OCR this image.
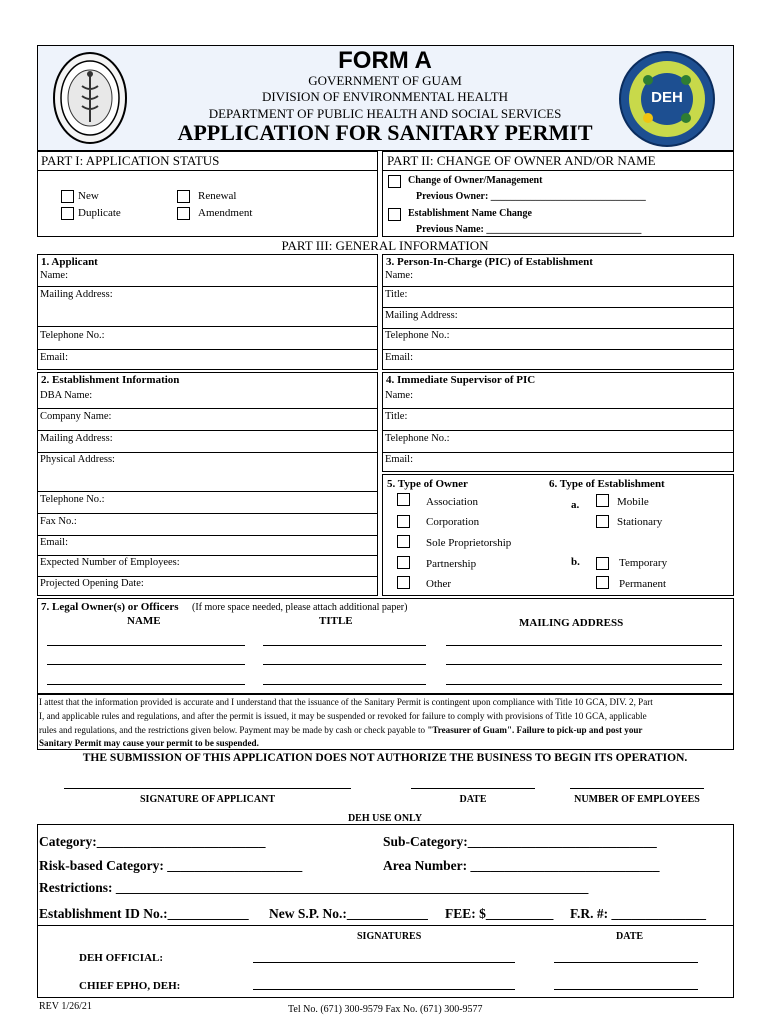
DEH
FORM A
GOVERNMENT OF GUAM
DIVISION OF ENVIRONMENTAL HEALTH
DEPARTMENT OF PUBLIC HEALTH AND SOCIAL SERVICES
APPLICATION FOR SANITARY PERMIT
PART I: APPLICATION STATUS
New
Duplicate
Renewal
Amendment
PART II: CHANGE OF OWNER AND/OR NAME
Change of Owner/Management
Previous Owner: _______________________________
Establishment Name Change
Previous Name: _______________________________
PART III: GENERAL INFORMATION
1. Applicant
Name:
Mailing Address:
Telephone No.:
Email:
3. Person-In-Charge (PIC) of Establishment
Name:
Title:
Mailing Address:
Telephone No.:
Email:
2. Establishment Information
DBA Name:
Company Name:
Mailing Address:
Physical Address:
Telephone No.:
Fax No.:
Email:
Expected Number of Employees:
Projected Opening Date:
4. Immediate Supervisor of PIC
Name:
Title:
Telephone No.:
Email:
5. Type of Owner
Association
Corporation
Sole Proprietorship
Partnership
Other
6. Type of Establishment
a.	Mobile
Stationary
b.	Temporary
Permanent
7. Legal Owner(s) or Officers (If more space needed, please attach additional paper)
NAME	TITLE	MAILING ADDRESS
I attest that the information provided is accurate and I understand that the issuance of the Sanitary Permit is contingent upon compliance with Title 10 GCA, DIV. 2, Part
I, and applicable rules and regulations, and after the permit is issued, it may be suspended or revoked for failure to comply with provisions of Title 10 GCA, applicable
rules and regulations, and the restrictions given below. Payment may be made by cash or check payable to "Treasurer of Guam". Failure to pick-up and post your
Sanitary Permit may cause your permit to be suspended.
THE SUBMISSION OF THIS APPLICATION DOES NOT AUTHORIZE THE BUSINESS TO BEGIN ITS OPERATION.
SIGNATURE OF APPLICANT	DATE	NUMBER OF EMPLOYEES
DEH USE ONLY
Category:_________________________	Sub-Category:____________________________
Risk-based Category: ____________________	Area Number: ____________________________
Restrictions: ______________________________________________________________________
Establishment ID No.:____________ New S.P. No.:____________ FEE: $__________ F.R. #: ______________
SIGNATURES	DATE
DEH OFFICIAL:
CHIEF EPHO, DEH:
REV 1/26/21	Tel No. (671) 300-9579 Fax No. (671) 300-9577
